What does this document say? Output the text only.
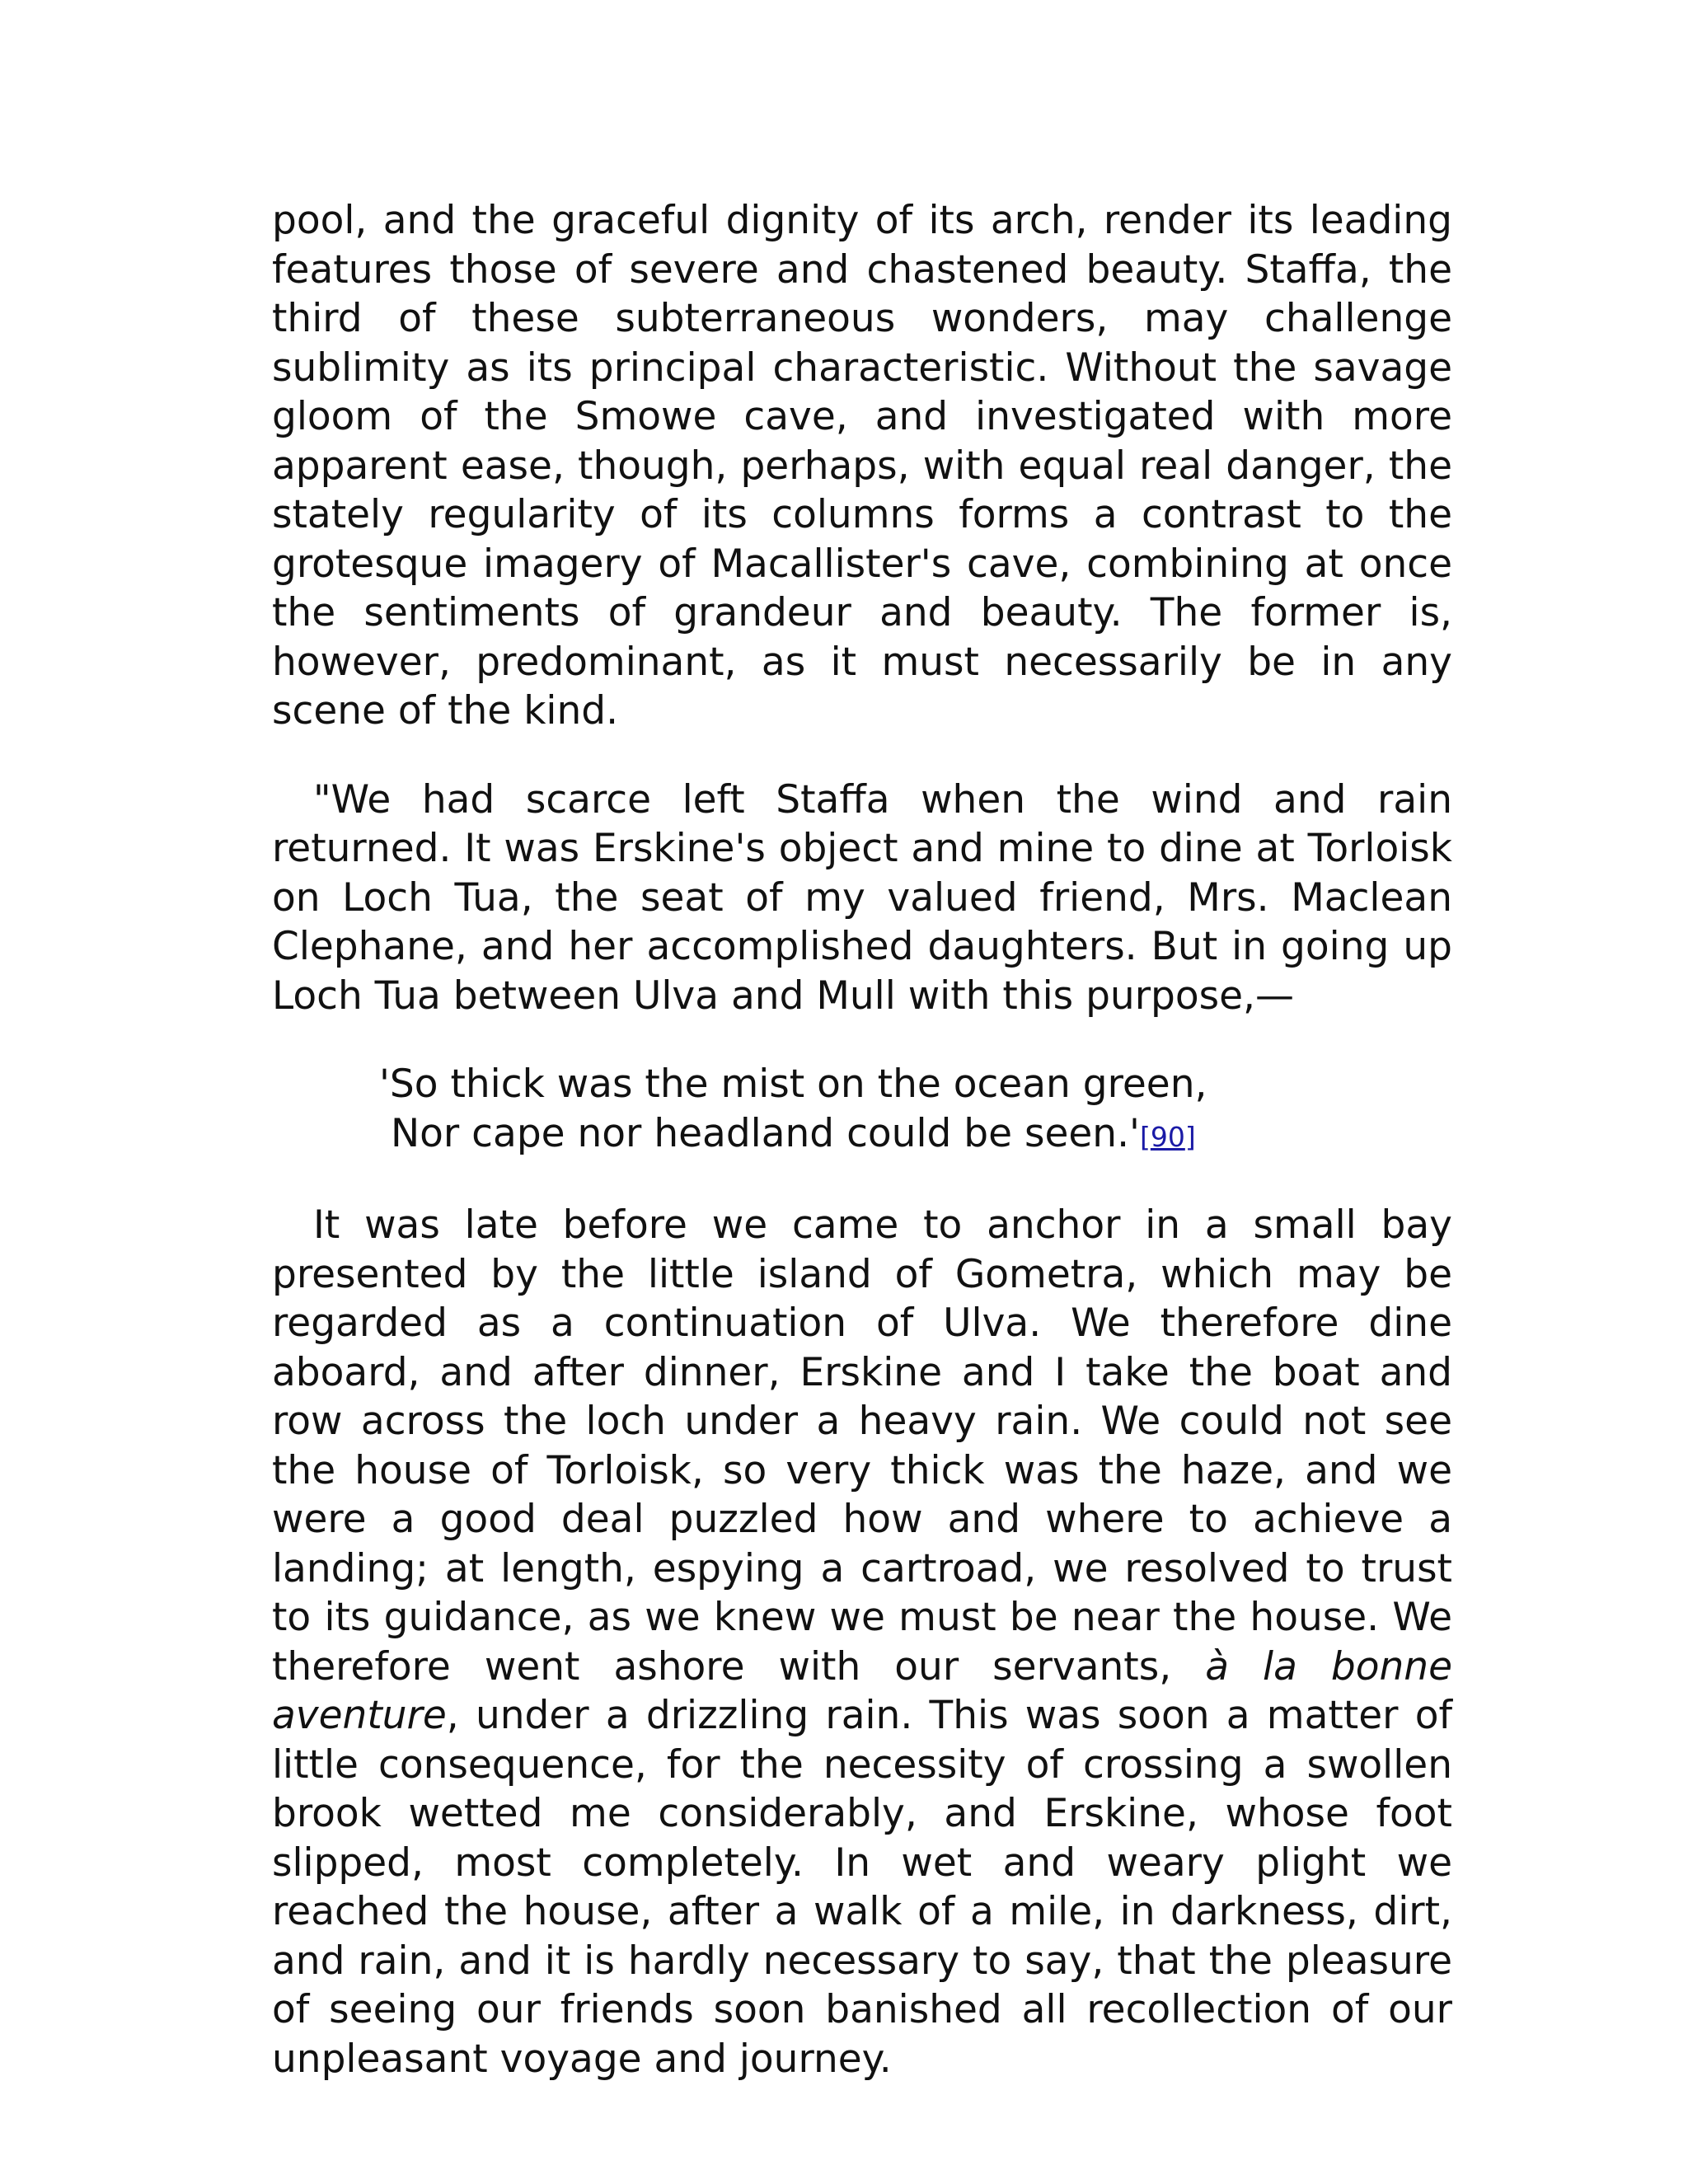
pool, and the graceful dignity of its arch, render its leading features those of severe and chastened beauty. Staffa, the third of these subterraneous wonders, may challenge sublimity as its principal characteristic. Without the savage gloom of the Smowe cave, and investigated with more apparent ease, though, perhaps, with equal real danger, the stately regularity of its columns forms a contrast to the grotesque imagery of Macallister's cave, combining at once the sentiments of grandeur and beauty. The former is, however, predominant, as it must necessarily be in any scene of the kind.

"We had scarce left Staffa when the wind and rain returned. It was Erskine's object and mine to dine at Torloisk on Loch Tua, the seat of my valued friend, Mrs. Maclean Clephane, and her accomplished daughters. But in going up Loch Tua between Ulva and Mull with this purpose,—

'So thick was the mist on the ocean green,
Nor cape nor headland could be seen.'[90]

It was late before we came to anchor in a small bay presented by the little island of Gometra, which may be regarded as a continuation of Ulva. We therefore dine aboard, and after dinner, Erskine and I take the boat and row across the loch under a heavy rain. We could not see the house of Torloisk, so very thick was the haze, and we were a good deal puzzled how and where to achieve a landing; at length, espying a cartroad, we resolved to trust to its guidance, as we knew we must be near the house. We therefore went ashore with our servants, à la bonne aventure, under a drizzling rain. This was soon a matter of little consequence, for the necessity of crossing a swollen brook wetted me considerably, and Erskine, whose foot slipped, most completely. In wet and weary plight we reached the house, after a walk of a mile, in darkness, dirt, and rain, and it is hardly necessary to say, that the pleasure of seeing our friends soon banished all recollection of our unpleasant voyage and journey.
